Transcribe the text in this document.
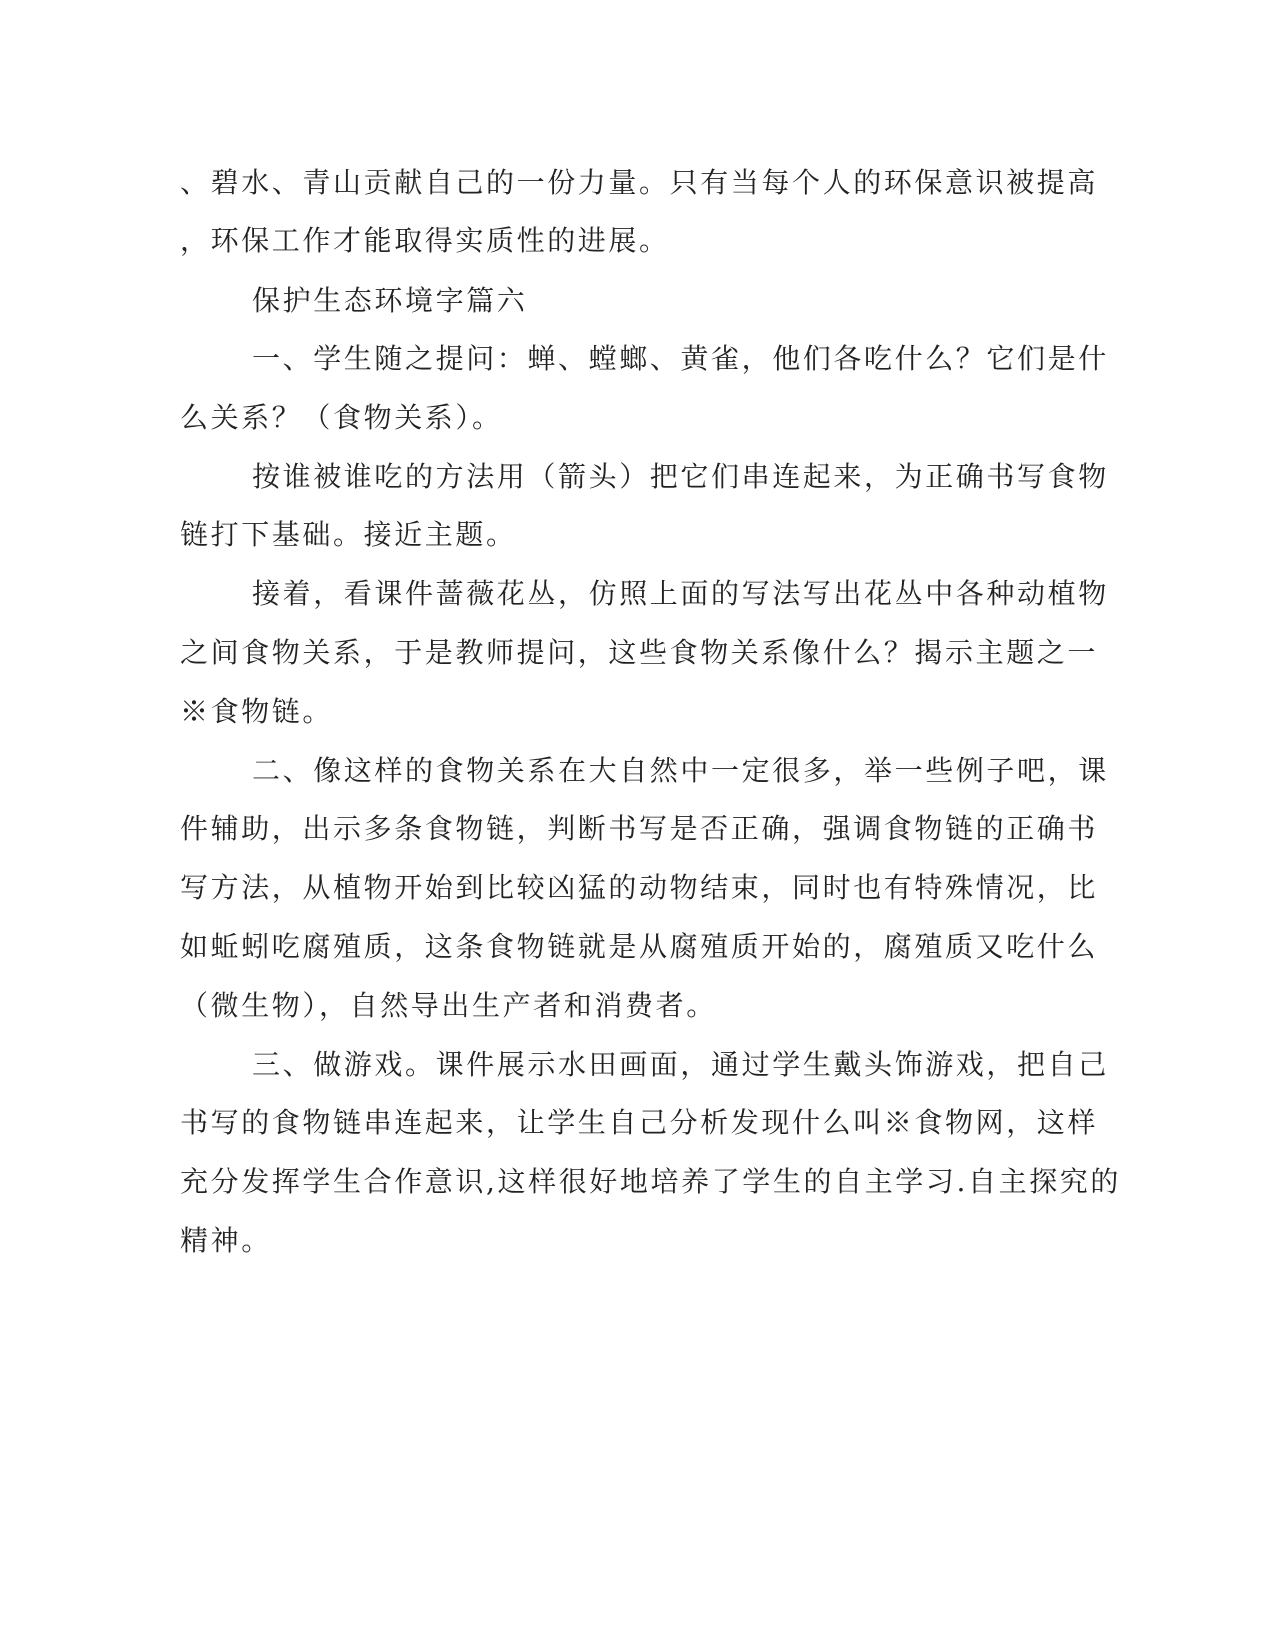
、碧水、青山贡献自己的一份力量。只有当每个人的环保意识被提高
，环保工作才能取得实质性的进展。
保护生态环境字篇六
一、学生随之提问：蝉、螳螂、黄雀，他们各吃什么？它们是什
么关系？（食物关系）。
按谁被谁吃的方法用（箭头）把它们串连起来，为正确书写食物
链打下基础。接近主题。
接着，看课件蔷薇花丛，仿照上面的写法写出花丛中各种动植物
之间食物关系，于是教师提问，这些食物关系像什么？揭示主题之一
※食物链。
二、像这样的食物关系在大自然中一定很多，举一些例子吧，课
件辅助，出示多条食物链，判断书写是否正确，强调食物链的正确书
写方法，从植物开始到比较凶猛的动物结束，同时也有特殊情况，比
如蚯蚓吃腐殖质，这条食物链就是从腐殖质开始的，腐殖质又吃什么
（微生物），自然导出生产者和消费者。
三、做游戏。课件展示水田画面，通过学生戴头饰游戏，把自己
书写的食物链串连起来，让学生自己分析发现什么叫※食物网，这样
充分发挥学生合作意识,这样很好地培养了学生的自主学习.自主探究的
精神。
